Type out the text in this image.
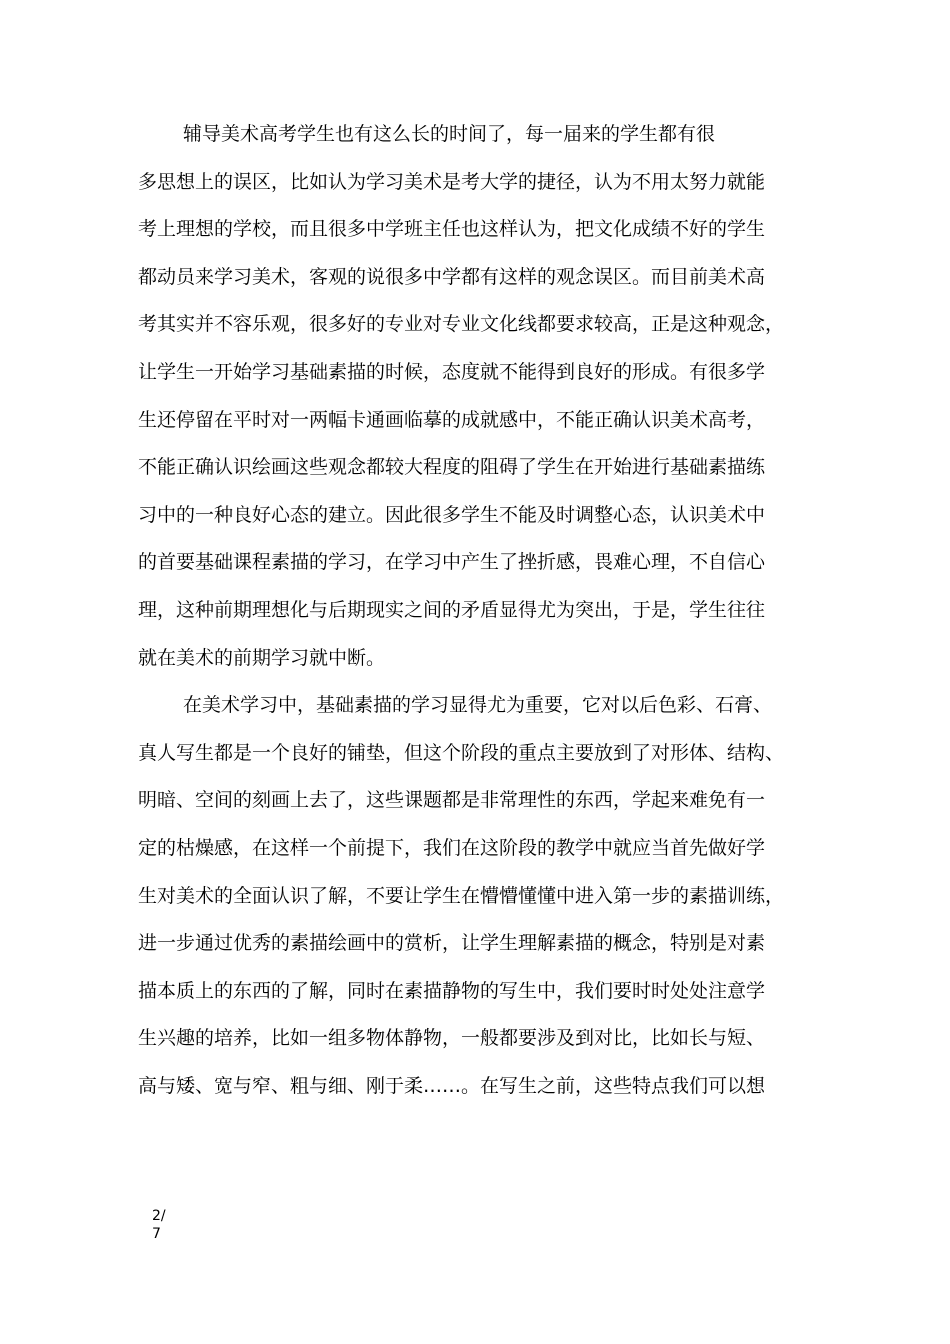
辅导美术高考学生也有这么长的时间了，每一届来的学生都有很
多思想上的误区，比如认为学习美术是考大学的捷径，认为不用太努力就能
考上理想的学校，而且很多中学班主任也这样认为，把文化成绩不好的学生
都动员来学习美术，客观的说很多中学都有这样的观念误区。而目前美术高
考其实并不容乐观，很多好的专业对专业文化线都要求较高，正是这种观念，
让学生一开始学习基础素描的时候，态度就不能得到良好的形成。有很多学
生还停留在平时对一两幅卡通画临摹的成就感中，不能正确认识美术高考，
不能正确认识绘画这些观念都较大程度的阻碍了学生在开始进行基础素描练
习中的一种良好心态的建立。因此很多学生不能及时调整心态，认识美术中
的首要基础课程素描的学习，在学习中产生了挫折感，畏难心理，不自信心
理，这种前期理想化与后期现实之间的矛盾显得尤为突出，于是，学生往往
就在美术的前期学习就中断。
在美术学习中，基础素描的学习显得尤为重要，它对以后色彩、石膏、
真人写生都是一个良好的铺垫，但这个阶段的重点主要放到了对形体、结构、
明暗、空间的刻画上去了，这些课题都是非常理性的东西，学起来难免有一
定的枯燥感，在这样一个前提下，我们在这阶段的教学中就应当首先做好学
生对美术的全面认识了解，不要让学生在懵懵懂懂中进入第一步的素描训练，
进一步通过优秀的素描绘画中的赏析，让学生理解素描的概念，特别是对素
描本质上的东西的了解，同时在素描静物的写生中，我们要时时处处注意学
生兴趣的培养，比如一组多物体静物，一般都要涉及到对比，比如长与短、
高与矮、宽与窄、粗与细、刚于柔……。在写生之前，这些特点我们可以想
2/
7
